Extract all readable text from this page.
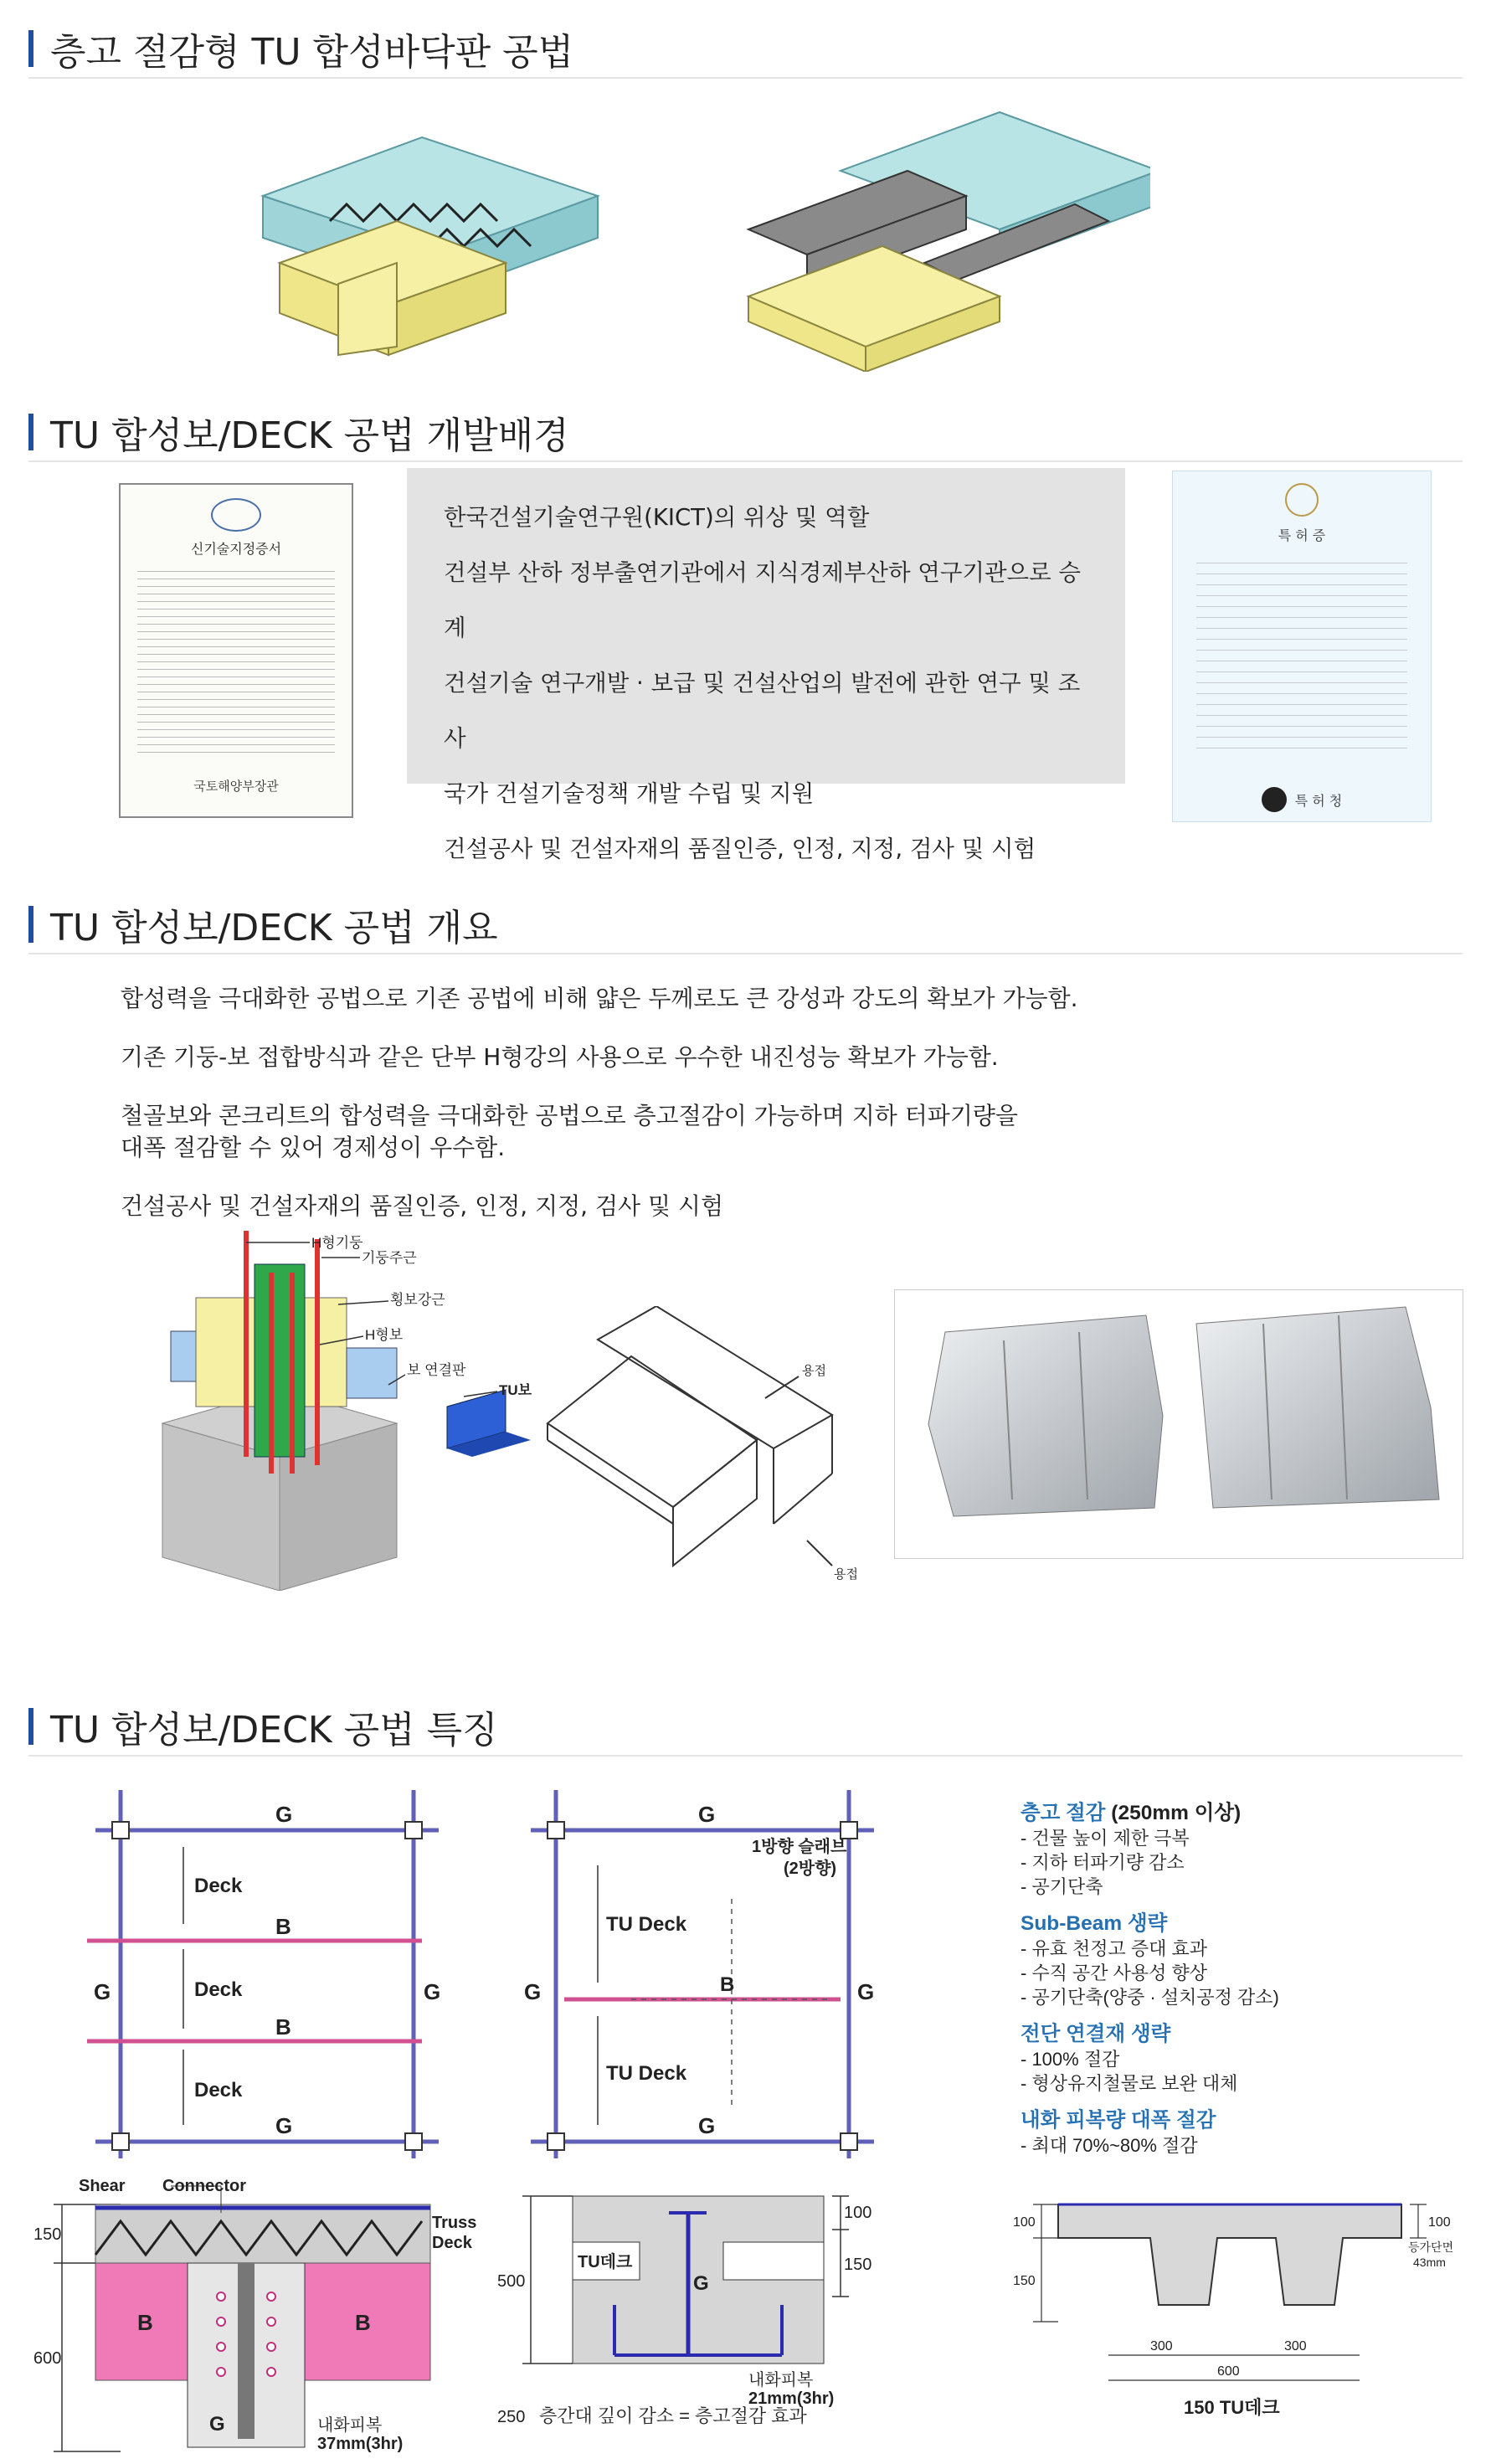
층고 절감형 TU 합성바닥판 공법
TU 합성보/DECK 공법 개발배경
신기술지정증서
국토해양부장관

한국건설기술연구원(KICT)의 위상 및 역할

건설부 산하 정부출연기관에서 지식경제부산하 연구기관으로 승계

건설기술 연구개발 · 보급 및 건설산업의 발전에 관한 연구 및 조사

국가 건설기술정책 개발 수립 및 지원

건설공사 및 건설자재의 품질인증, 인정, 지정, 검사 및 시험

특 허 증
특 허 청
TU 합성보/DECK 공법 개요

합성력을 극대화한 공법으로 기존 공법에 비해 얇은 두께로도 큰 강성과 강도의 확보가 가능함.

기존 기둥-보 접합방식과 같은 단부 H형강의 사용으로 우수한 내진성능 확보가 가능함.

철골보와 콘크리트의 합성력을 극대화한 공법으로 층고절감이 가능하며 지하 터파기량을

대폭 절감할 수 있어 경제성이 우수함.

건설공사 및 건설자재의 품질인증, 인정, 지정, 검사 및 시험

H형기둥
기둥주근
횡보강근
H형보
보 연결판
TU보
용접
용접
TU 합성보/DECK 공법 특징
G
G
G	G
B
B
Deck
Deck
Deck
G
G
G	G
B
1방향 슬래브
(2방향)
TU Deck
TU Deck
Shear Connector
Truss
Deck
150
600
B	B
G	내화피복
37mm(3hr)
100
150
500
250
TU데크
G
내화피복
21mm(3hr)
층간대 깊이 감소 = 층고절감 효과
층고 절감 (250mm 이상)
- 건물 높이 제한 극복
- 지하 터파기량 감소
- 공기단축
Sub-Beam 생략
- 유효 천정고 증대 효과
- 수직 공간 사용성 향상
- 공기단축(양중 · 설치공정 감소)
전단 연결재 생략
- 100% 절감
- 형상유지철물로 보완 대체
내화 피복량 대폭 절감
- 최대 70%~80% 절감
100
150
100
등가단면
43mm
300	300
600
150 TU데크
